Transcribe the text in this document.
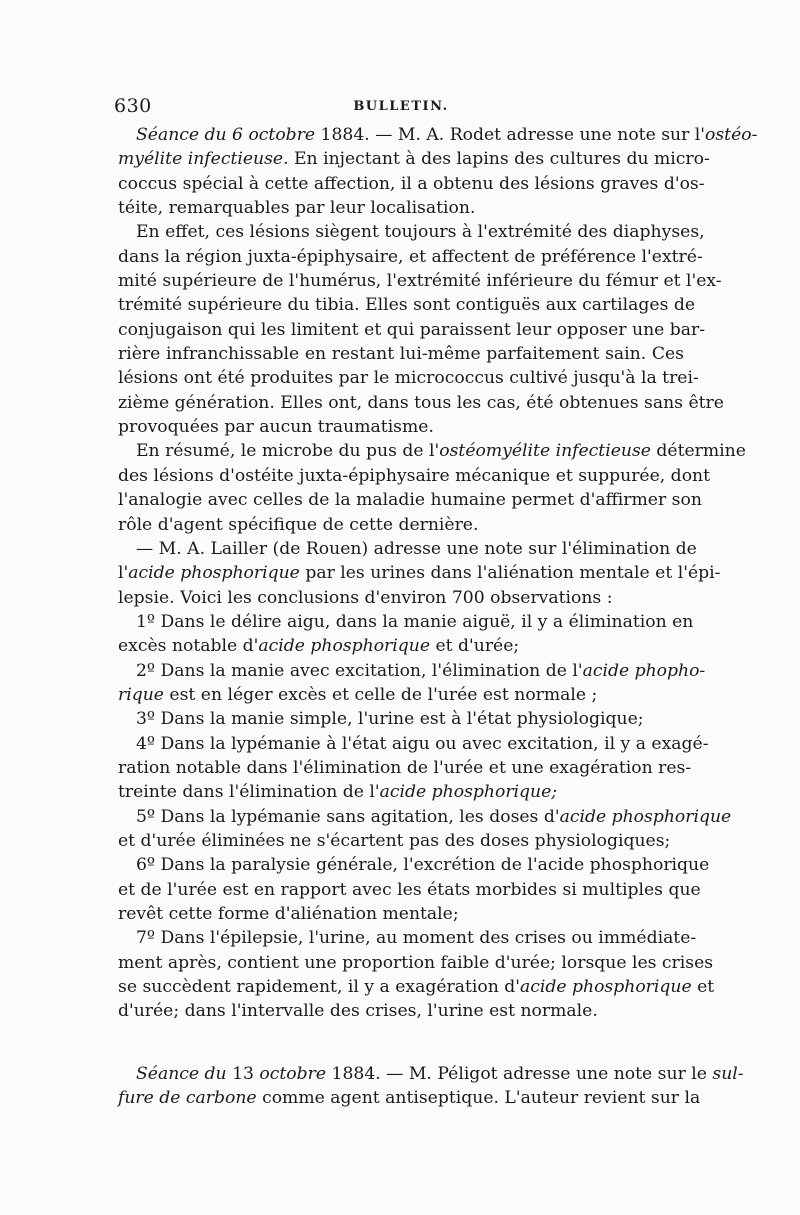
630	BULLETIN.
Séance du 6 octobre 1884. — M. A. Rodet adresse une note sur l'ostéo-
myélite infectieuse. En injectant à des lapins des cultures du micro-
coccus spécial à cette affection, il a obtenu des lésions graves d'os-
téite, remarquables par leur localisation.
En effet, ces lésions siègent toujours à l'extrémité des diaphyses,
dans la région juxta-épiphysaire, et affectent de préférence l'extré-
mité supérieure de l'humérus, l'extrémité inférieure du fémur et l'ex-
trémité supérieure du tibia. Elles sont contiguës aux cartilages de
conjugaison qui les limitent et qui paraissent leur opposer une bar-
rière infranchissable en restant lui-même parfaitement sain. Ces
lésions ont été produites par le micrococcus cultivé jusqu'à la trei-
zième génération. Elles ont, dans tous les cas, été obtenues sans être
provoquées par aucun traumatisme.
En résumé, le microbe du pus de l'ostéomyélite infectieuse détermine
des lésions d'ostéite juxta-épiphysaire mécanique et suppurée, dont
l'analogie avec celles de la maladie humaine permet d'affirmer son
rôle d'agent spécifique de cette dernière.
— M. A. Lailler (de Rouen) adresse une note sur l'élimination de
l'acide phosphorique par les urines dans l'aliénation mentale et l'épi-
lepsie. Voici les conclusions d'environ 700 observations :
1º Dans le délire aigu, dans la manie aiguë, il y a élimination en
excès notable d'acide phosphorique et d'urée;
2º Dans la manie avec excitation, l'élimination de l'acide phopho-
rique est en léger excès et celle de l'urée est normale ;
3º Dans la manie simple, l'urine est à l'état physiologique;
4º Dans la lypémanie à l'état aigu ou avec excitation, il y a exagé-
ration notable dans l'élimination de l'urée et une exagération res-
treinte dans l'élimination de l'acide phosphorique;
5º Dans la lypémanie sans agitation, les doses d'acide phosphorique
et d'urée éliminées ne s'écartent pas des doses physiologiques;
6º Dans la paralysie générale, l'excrétion de l'acide phosphorique
et de l'urée est en rapport avec les états morbides si multiples que
revêt cette forme d'aliénation mentale;
7º Dans l'épilepsie, l'urine, au moment des crises ou immédiate-
ment après, contient une proportion faible d'urée; lorsque les crises
se succèdent rapidement, il y a exagération d'acide phosphorique et
d'urée; dans l'intervalle des crises, l'urine est normale.
Séance du 13 octobre 1884. — M. Péligot adresse une note sur le sul-
fure de carbone comme agent antiseptique. L'auteur revient sur la
